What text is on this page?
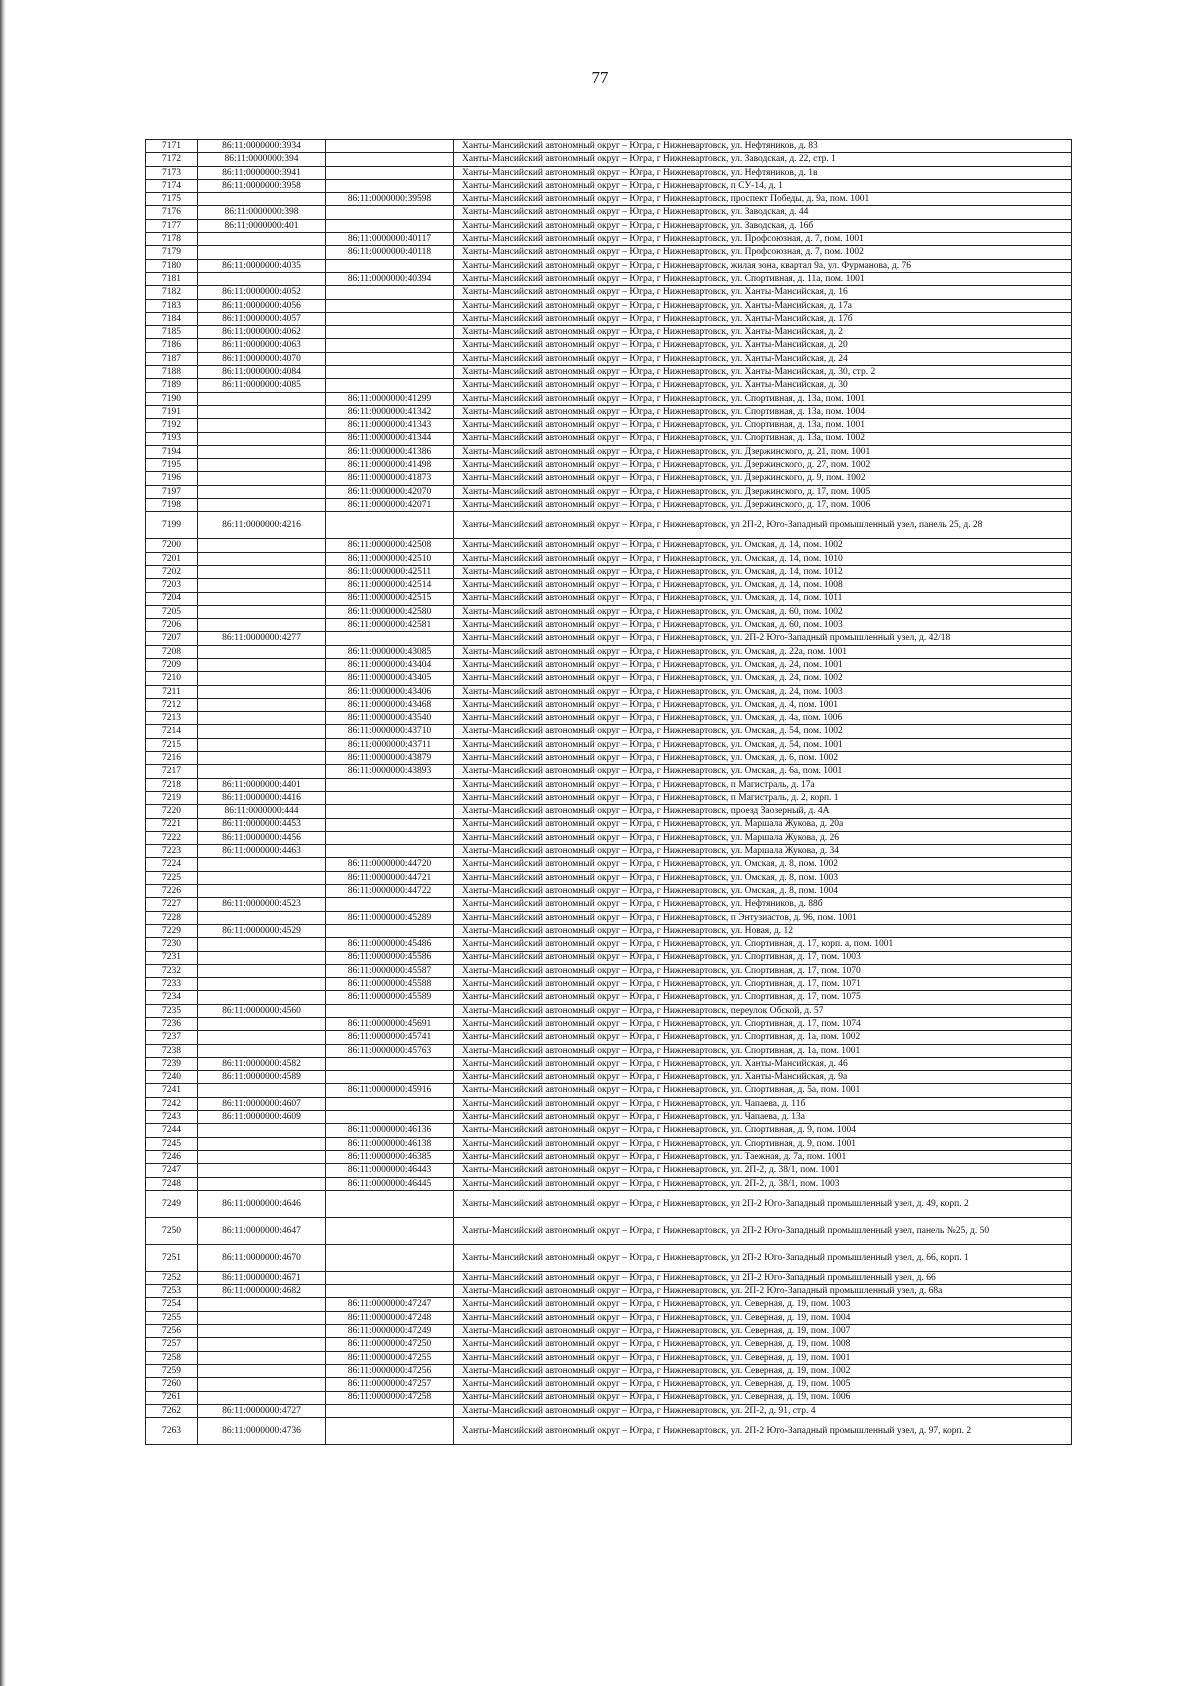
77
7171	86:11:0000000:3934		Ханты-Мансийский автономный округ – Югра, г Нижневартовск, ул. Нефтяников, д. 83
7172	86:11:0000000:394		Ханты-Мансийский автономный округ – Югра, г Нижневартовск, ул. Заводская, д. 22, стр. 1
7173	86:11:0000000:3941		Ханты-Мансийский автономный округ – Югра, г Нижневартовск, ул. Нефтяников, д. 1в
7174	86:11:0000000:3958		Ханты-Мансийский автономный округ – Югра, г Нижневартовск, п СУ-14, д. 1
7175		86:11:0000000:39598	Ханты-Мансийский автономный округ – Югра, г Нижневартовск, проспект Победы, д. 9а, пом. 1001
7176	86:11:0000000:398		Ханты-Мансийский автономный округ – Югра, г Нижневартовск, ул. Заводская, д. 44
7177	86:11:0000000:401		Ханты-Мансийский автономный округ – Югра, г Нижневартовск, ул. Заводская, д. 16б
7178		86:11:0000000:40117	Ханты-Мансийский автономный округ – Югра, г Нижневартовск, ул. Профсоюзная, д. 7, пом. 1001
7179		86:11:0000000:40118	Ханты-Мансийский автономный округ – Югра, г Нижневартовск, ул. Профсоюзная, д. 7, пом. 1002
7180	86:11:0000000:4035		Ханты-Мансийский автономный округ – Югра, г Нижневартовск, жилая зона, квартал 9а, ул. Фурманова, д. 76
7181		86:11:0000000:40394	Ханты-Мансийский автономный округ – Югра, г Нижневартовск, ул. Спортивная, д. 11а, пом. 1001
7182	86:11:0000000:4052		Ханты-Мансийский автономный округ – Югра, г Нижневартовск, ул. Ханты-Мансийская, д. 16
7183	86:11:0000000:4056		Ханты-Мансийский автономный округ – Югра, г Нижневартовск, ул. Ханты-Мансийская, д. 17а
7184	86:11:0000000:4057		Ханты-Мансийский автономный округ – Югра, г Нижневартовск, ул. Ханты-Мансийская, д. 17б
7185	86:11:0000000:4062		Ханты-Мансийский автономный округ – Югра, г Нижневартовск, ул. Ханты-Мансийская, д. 2
7186	86:11:0000000:4063		Ханты-Мансийский автономный округ – Югра, г Нижневартовск, ул. Ханты-Мансийская, д. 20
7187	86:11:0000000:4070		Ханты-Мансийский автономный округ – Югра, г Нижневартовск, ул. Ханты-Мансийская, д. 24
7188	86:11:0000000:4084		Ханты-Мансийский автономный округ – Югра, г Нижневартовск, ул. Ханты-Мансийская, д. 30, стр. 2
7189	86:11:0000000:4085		Ханты-Мансийский автономный округ – Югра, г Нижневартовск, ул. Ханты-Мансийская, д. 30
7190		86:11:0000000:41299	Ханты-Мансийский автономный округ – Югра, г Нижневартовск, ул. Спортивная, д. 13а, пом. 1001
7191		86:11:0000000:41342	Ханты-Мансийский автономный округ – Югра, г Нижневартовск, ул. Спортивная, д. 13а, пом. 1004
7192		86:11:0000000:41343	Ханты-Мансийский автономный округ – Югра, г Нижневартовск, ул. Спортивная, д. 13а, пом. 1001
7193		86:11:0000000:41344	Ханты-Мансийский автономный округ – Югра, г Нижневартовск, ул. Спортивная, д. 13а, пом. 1002
7194		86:11:0000000:41386	Ханты-Мансийский автономный округ – Югра, г Нижневартовск, ул. Дзержинского, д. 21, пом. 1001
7195		86:11:0000000:41498	Ханты-Мансийский автономный округ – Югра, г Нижневартовск, ул. Дзержинского, д. 27, пом. 1002
7196		86:11:0000000:41873	Ханты-Мансийский автономный округ – Югра, г Нижневартовск, ул. Дзержинского, д. 9, пом. 1002
7197		86:11:0000000:42070	Ханты-Мансийский автономный округ – Югра, г Нижневартовск, ул. Дзержинского, д. 17, пом. 1005
7198		86:11:0000000:42071	Ханты-Мансийский автономный округ – Югра, г Нижневартовск, ул. Дзержинского, д. 17, пом. 1006
7199	86:11:0000000:4216		Ханты-Мансийский автономный округ – Югра, г Нижневартовск, ул 2П-2, Юго-Западный промышленный узел, панель 25, д. 28
7200		86:11:0000000:42508	Ханты-Мансийский автономный округ – Югра, г Нижневартовск, ул. Омская, д. 14, пом. 1002
7201		86:11:0000000:42510	Ханты-Мансийский автономный округ – Югра, г Нижневартовск, ул. Омская, д. 14, пом. 1010
7202		86:11:0000000:42511	Ханты-Мансийский автономный округ – Югра, г Нижневартовск, ул. Омская, д. 14, пом. 1012
7203		86:11:0000000:42514	Ханты-Мансийский автономный округ – Югра, г Нижневартовск, ул. Омская, д. 14, пом. 1008
7204		86:11:0000000:42515	Ханты-Мансийский автономный округ – Югра, г Нижневартовск, ул. Омская, д. 14, пом. 1011
7205		86:11:0000000:42580	Ханты-Мансийский автономный округ – Югра, г Нижневартовск, ул. Омская, д. 60, пом. 1002
7206		86:11:0000000:42581	Ханты-Мансийский автономный округ – Югра, г Нижневартовск, ул. Омская, д. 60, пом. 1003
7207	86:11:0000000:4277		Ханты-Мансийский автономный округ – Югра, г Нижневартовск, ул. 2П-2 Юго-Западный промышленный узел, д. 42/18
7208		86:11:0000000:43085	Ханты-Мансийский автономный округ – Югра, г Нижневартовск, ул. Омская, д. 22а, пом. 1001
7209		86:11:0000000:43404	Ханты-Мансийский автономный округ – Югра, г Нижневартовск, ул. Омская, д. 24, пом. 1001
7210		86:11:0000000:43405	Ханты-Мансийский автономный округ – Югра, г Нижневартовск, ул. Омская, д. 24, пом. 1002
7211		86:11:0000000:43406	Ханты-Мансийский автономный округ – Югра, г Нижневартовск, ул. Омская, д. 24, пом. 1003
7212		86:11:0000000:43468	Ханты-Мансийский автономный округ – Югра, г Нижневартовск, ул. Омская, д. 4, пом. 1001
7213		86:11:0000000:43540	Ханты-Мансийский автономный округ – Югра, г Нижневартовск, ул. Омская, д. 4а, пом. 1006
7214		86:11:0000000:43710	Ханты-Мансийский автономный округ – Югра, г Нижневартовск, ул. Омская, д. 54, пом. 1002
7215		86:11:0000000:43711	Ханты-Мансийский автономный округ – Югра, г Нижневартовск, ул. Омская, д. 54, пом. 1001
7216		86:11:0000000:43879	Ханты-Мансийский автономный округ – Югра, г Нижневартовск, ул. Омская, д. 6, пом. 1002
7217		86:11:0000000:43893	Ханты-Мансийский автономный округ – Югра, г Нижневартовск, ул. Омская, д. 6а, пом. 1001
7218	86:11:0000000:4401		Ханты-Мансийский автономный округ – Югра, г Нижневартовск, п Магистраль, д. 17а
7219	86:11:0000000:4416		Ханты-Мансийский автономный округ – Югра, г Нижневартовск, п Магистраль, д. 2, корп. 1
7220	86:11:0000000:444		Ханты-Мансийский автономный округ – Югра, г Нижневартовск, проезд Заозерный, д. 4А
7221	86:11:0000000:4453		Ханты-Мансийский автономный округ – Югра, г Нижневартовск, ул. Маршала Жукова, д. 20а
7222	86:11:0000000:4456		Ханты-Мансийский автономный округ – Югра, г Нижневартовск, ул. Маршала Жукова, д. 26
7223	86:11:0000000:4463		Ханты-Мансийский автономный округ – Югра, г Нижневартовск, ул. Маршала Жукова, д. 34
7224		86:11:0000000:44720	Ханты-Мансийский автономный округ – Югра, г Нижневартовск, ул. Омская, д. 8, пом. 1002
7225		86:11:0000000:44721	Ханты-Мансийский автономный округ – Югра, г Нижневартовск, ул. Омская, д. 8, пом. 1003
7226		86:11:0000000:44722	Ханты-Мансийский автономный округ – Югра, г Нижневартовск, ул. Омская, д. 8, пом. 1004
7227	86:11:0000000:4523		Ханты-Мансийский автономный округ – Югра, г Нижневартовск, ул. Нефтяников, д. 88б
7228		86:11:0000000:45289	Ханты-Мансийский автономный округ – Югра, г Нижневартовск, п Энтузиастов, д. 96, пом. 1001
7229	86:11:0000000:4529		Ханты-Мансийский автономный округ – Югра, г Нижневартовск, ул. Новая, д. 12
7230		86:11:0000000:45486	Ханты-Мансийский автономный округ – Югра, г Нижневартовск, ул. Спортивная, д. 17, корп. а, пом. 1001
7231		86:11:0000000:45586	Ханты-Мансийский автономный округ – Югра, г Нижневартовск, ул. Спортивная, д. 17, пом. 1003
7232		86:11:0000000:45587	Ханты-Мансийский автономный округ – Югра, г Нижневартовск, ул. Спортивная, д. 17, пом. 1070
7233		86:11:0000000:45588	Ханты-Мансийский автономный округ – Югра, г Нижневартовск, ул. Спортивная, д. 17, пом. 1071
7234		86:11:0000000:45589	Ханты-Мансийский автономный округ – Югра, г Нижневартовск, ул. Спортивная, д. 17, пом. 1075
7235	86:11:0000000:4560		Ханты-Мансийский автономный округ – Югра, г Нижневартовск, переулок Обской, д. 57
7236		86:11:0000000:45691	Ханты-Мансийский автономный округ – Югра, г Нижневартовск, ул. Спортивная, д. 17, пом. 1074
7237		86:11:0000000:45741	Ханты-Мансийский автономный округ – Югра, г Нижневартовск, ул. Спортивная, д. 1а, пом. 1002
7238		86:11:0000000:45763	Ханты-Мансийский автономный округ – Югра, г Нижневартовск, ул. Спортивная, д. 1а, пом. 1001
7239	86:11:0000000:4582		Ханты-Мансийский автономный округ – Югра, г Нижневартовск, ул. Ханты-Мансийская, д. 46
7240	86:11:0000000:4589		Ханты-Мансийский автономный округ – Югра, г Нижневартовск, ул. Ханты-Мансийская, д. 9а
7241		86:11:0000000:45916	Ханты-Мансийский автономный округ – Югра, г Нижневартовск, ул. Спортивная, д. 5а, пом. 1001
7242	86:11:0000000:4607		Ханты-Мансийский автономный округ – Югра, г Нижневартовск, ул. Чапаева, д. 11б
7243	86:11:0000000:4609		Ханты-Мансийский автономный округ – Югра, г Нижневартовск, ул. Чапаева, д. 13а
7244		86:11:0000000:46136	Ханты-Мансийский автономный округ – Югра, г Нижневартовск, ул. Спортивная, д. 9, пом. 1004
7245		86:11:0000000:46138	Ханты-Мансийский автономный округ – Югра, г Нижневартовск, ул. Спортивная, д. 9, пом. 1001
7246		86:11:0000000:46385	Ханты-Мансийский автономный округ – Югра, г Нижневартовск, ул. Таежная, д. 7а, пом. 1001
7247		86:11:0000000:46443	Ханты-Мансийский автономный округ – Югра, г Нижневартовск, ул. 2П-2, д. 38/1, пом. 1001
7248		86:11:0000000:46445	Ханты-Мансийский автономный округ – Югра, г Нижневартовск, ул. 2П-2, д. 38/1, пом. 1003
7249	86:11:0000000:4646		Ханты-Мансийский автономный округ – Югра, г Нижневартовск, ул 2П-2 Юго-Западный промышленный узел, д. 49, корп. 2
7250	86:11:0000000:4647		Ханты-Мансийский автономный округ – Югра, г Нижневартовск, ул 2П-2 Юго-Западный промышленный узел, панель №25, д. 50
7251	86:11:0000000:4670		Ханты-Мансийский автономный округ – Югра, г Нижневартовск, ул 2П-2 Юго-Западный промышленный узел, д. 66, корп. 1
7252	86:11:0000000:4671		Ханты-Мансийский автономный округ – Югра, г Нижневартовск, ул 2П-2 Юго-Западный промышленный узел, д. 66
7253	86:11:0000000:4682		Ханты-Мансийский автономный округ – Югра, г Нижневартовск, ул. 2П-2 Юго-Западный промышленный узел, д. 68а
7254		86:11:0000000:47247	Ханты-Мансийский автономный округ – Югра, г Нижневартовск, ул. Северная, д. 19, пом. 1003
7255		86:11:0000000:47248	Ханты-Мансийский автономный округ – Югра, г Нижневартовск, ул. Северная, д. 19, пом. 1004
7256		86:11:0000000:47249	Ханты-Мансийский автономный округ – Югра, г Нижневартовск, ул. Северная, д. 19, пом. 1007
7257		86:11:0000000:47250	Ханты-Мансийский автономный округ – Югра, г Нижневартовск, ул. Северная, д. 19, пом. 1008
7258		86:11:0000000:47255	Ханты-Мансийский автономный округ – Югра, г Нижневартовск, ул. Северная, д. 19, пом. 1001
7259		86:11:0000000:47256	Ханты-Мансийский автономный округ – Югра, г Нижневартовск, ул. Северная, д. 19, пом. 1002
7260		86:11:0000000:47257	Ханты-Мансийский автономный округ – Югра, г Нижневартовск, ул. Северная, д. 19, пом. 1005
7261		86:11:0000000:47258	Ханты-Мансийский автономный округ – Югра, г Нижневартовск, ул. Северная, д. 19, пом. 1006
7262	86:11:0000000:4727		Ханты-Мансийский автономный округ – Югра, г Нижневартовск, ул. 2П-2, д. 91, стр. 4
7263	86:11:0000000:4736		Ханты-Мансийский автономный округ – Югра, г Нижневартовск, ул. 2П-2 Юго-Западный промышленный узел, д. 97, корп. 2
